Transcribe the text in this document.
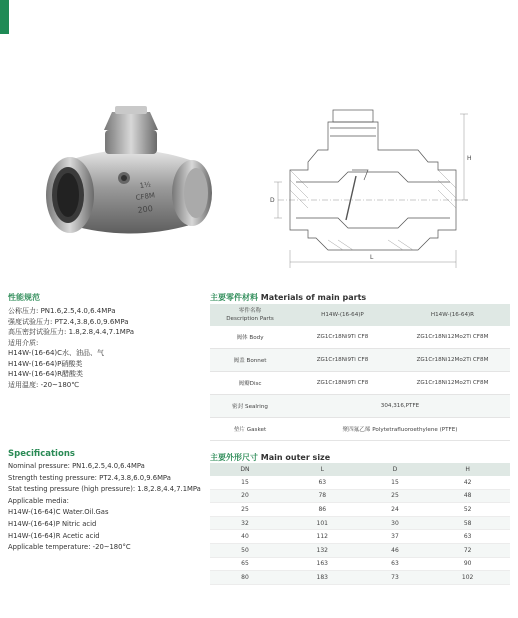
1½
CF8M
200
H
D
L
性能规范
公称压力: PN1.6,2.5,4.0,6.4MPa
强度试验压力: PT2.4,3.8,6.0,9.6MPa
高压密封试验压力: 1.8,2.8,4.4,7.1MPa
适用介质:
H14W-(16-64)C水、油品、气
H14W-(16-64)P硝酸类
H14W-(16-64)R醋酸类
适用温度: -20~180℃
Specifications
Nominal pressure: PN1.6,2.5,4.0,6.4MPa
Strength testing pressure: PT2.4,3.8,6.0,9.6MPa
Stat testing pressure (high pressure): 1.8,2.8,4.4,7.1MPa
Applicable media:
H14W-(16-64)C Water.Oil.Gas
H14W-(16-64)P Nitric acid
H14W-(16-64)R Acetic acid
Applicable temperature: -20~180°C
主要零件材料 Materials of main parts
零件名称
Description Parts	H14W-(16-64)P	H14W-(16-64)R
阀体 Body	ZG1Cr18Ni9Ti CF8	ZG1Cr18Ni12Mo2Ti CF8M
阀盖 Bonnet	ZG1Cr18Ni9Ti CF8	ZG1Cr18Ni12Mo2Ti CF8M
阀瓣Disc	ZG1Cr18Ni9Ti CF8	ZG1Cr18Ni12Mo2Ti CF8M
密封 Sealring	304,316,PTFE	
垫片 Gasket	聚四氟乙烯 Polytetrafluoroethylene (PTFE)	
主要外形尺寸 Main outer size
DN	L	D	H
15	63	15	42
20	78	25	48
25	86	24	52
32	101	30	58
40	112	37	63
50	132	46	72
65	163	63	90
80	183	73	102
